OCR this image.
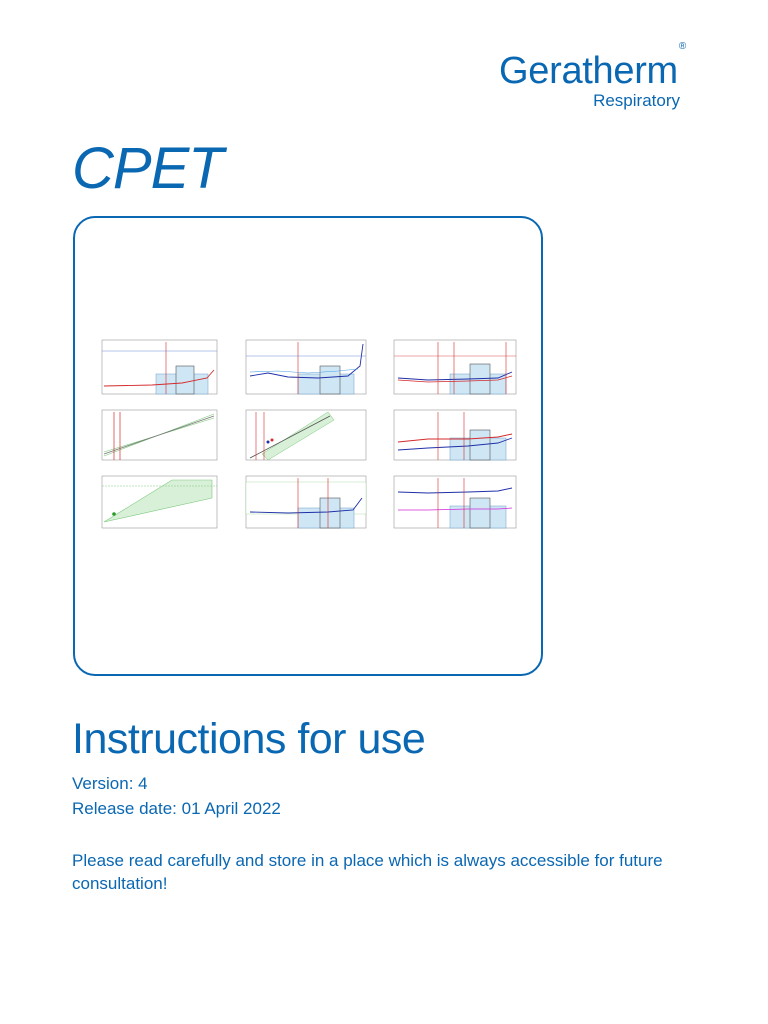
Geratherm®
Respiratory
CPET
Instructions for use
Version: 4
Release date: 01 April 2022
Please read carefully and store in a place which is always accessible for future consultation!
